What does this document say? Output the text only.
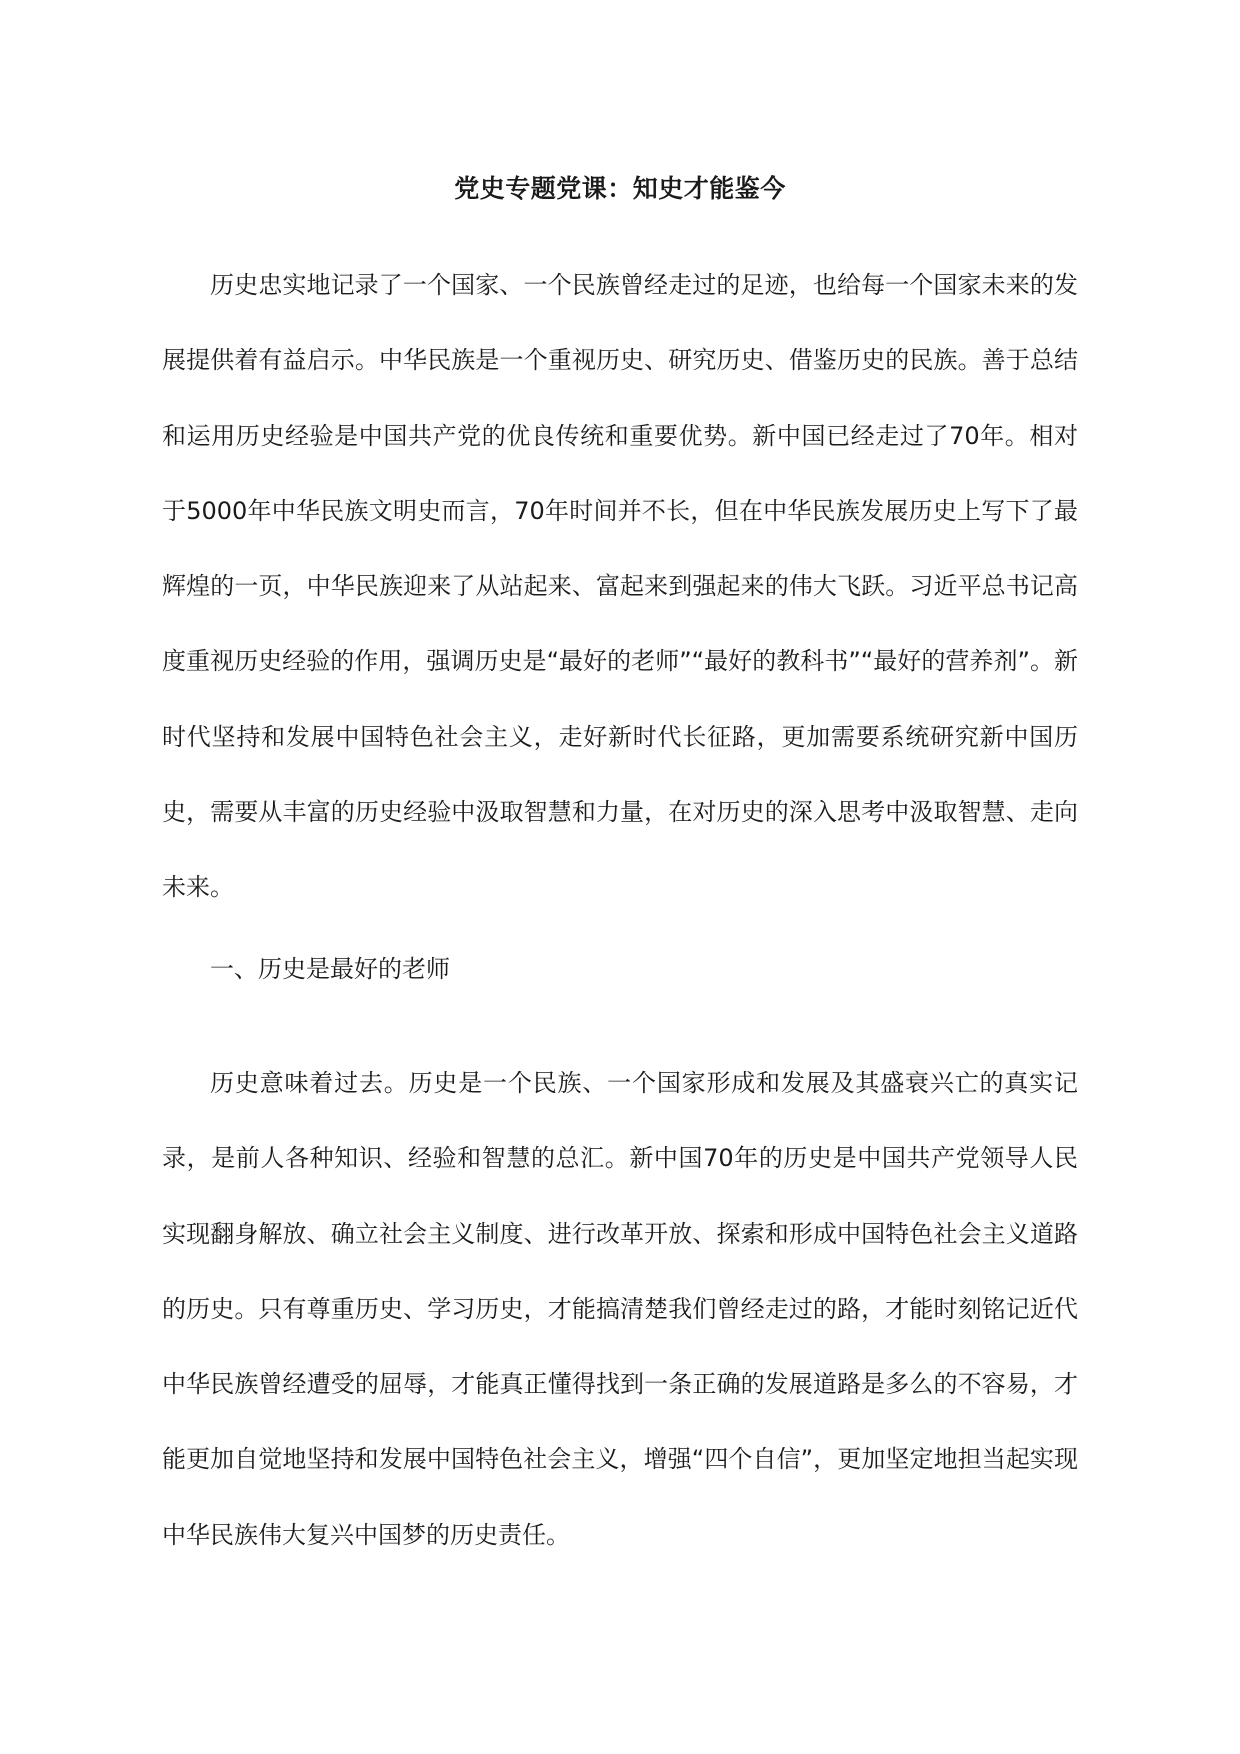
党史专题党课：知史才能鉴今

历史忠实地记录了一个国家、一个民族曾经走过的足迹，也给每一个国家未来的发展提供着有益启示。中华民族是一个重视历史、研究历史、借鉴历史的民族。善于总结和运用历史经验是中国共产党的优良传统和重要优势。新中国已经走过了70年。相对于5000年中华民族文明史而言，70年时间并不长，但在中华民族发展历史上写下了最辉煌的一页，中华民族迎来了从站起来、富起来到强起来的伟大飞跃。习近平总书记高度重视历史经验的作用，强调历史是“最好的老师”“最好的教科书”“最好的营养剂”。新时代坚持和发展中国特色社会主义，走好新时代长征路，更加需要系统研究新中国历史，需要从丰富的历史经验中汲取智慧和力量，在对历史的深入思考中汲取智慧、走向未来。

一、历史是最好的老师

历史意味着过去。历史是一个民族、一个国家形成和发展及其盛衰兴亡的真实记录，是前人各种知识、经验和智慧的总汇。新中国70年的历史是中国共产党领导人民实现翻身解放、确立社会主义制度、进行改革开放、探索和形成中国特色社会主义道路的历史。只有尊重历史、学习历史，才能搞清楚我们曾经走过的路，才能时刻铭记近代中华民族曾经遭受的屈辱，才能真正懂得找到一条正确的发展道路是多么的不容易，才能更加自觉地坚持和发展中国特色社会主义，增强“四个自信”，更加坚定地担当起实现中华民族伟大复兴中国梦的历史责任。
